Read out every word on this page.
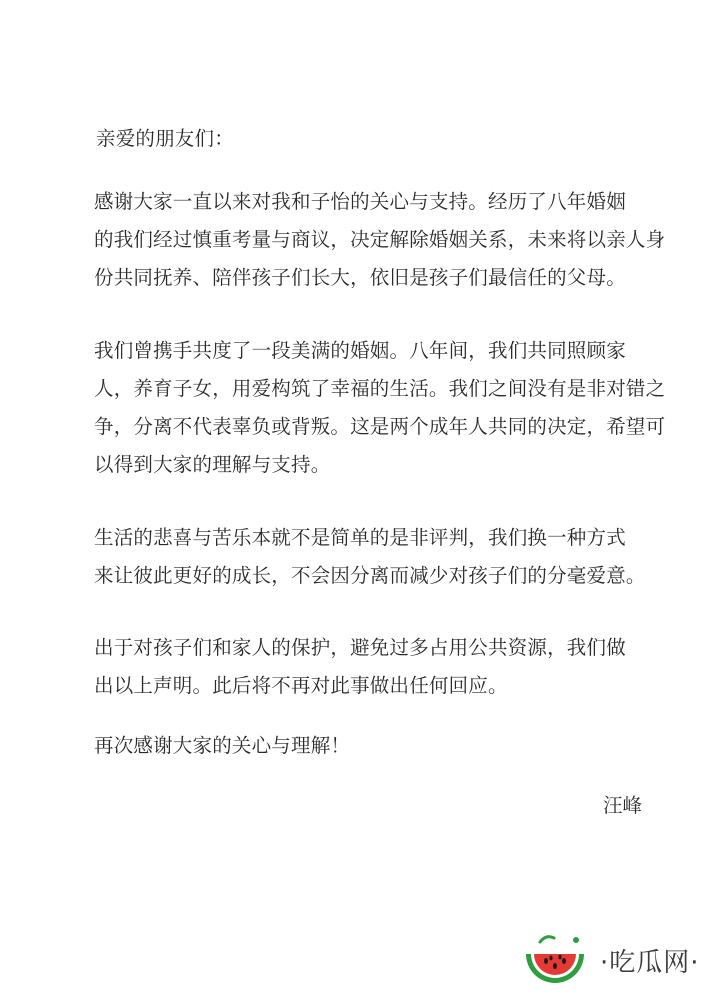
亲爱的朋友们：
感谢大家一直以来对我和子怡的关心与支持。经历了八年婚姻
的我们经过慎重考量与商议，决定解除婚姻关系，未来将以亲人身
份共同抚养、陪伴孩子们长大，依旧是孩子们最信任的父母。
我们曾携手共度了一段美满的婚姻。八年间，我们共同照顾家
人，养育子女，用爱构筑了幸福的生活。我们之间没有是非对错之
争，分离不代表辜负或背叛。这是两个成年人共同的决定，希望可
以得到大家的理解与支持。
生活的悲喜与苦乐本就不是简单的是非评判，我们换一种方式
来让彼此更好的成长，不会因分离而减少对孩子们的分毫爱意。
出于对孩子们和家人的保护，避免过多占用公共资源，我们做
出以上声明。此后将不再对此事做出任何回应。
再次感谢大家的关心与理解！
汪峰
·吃瓜网·
